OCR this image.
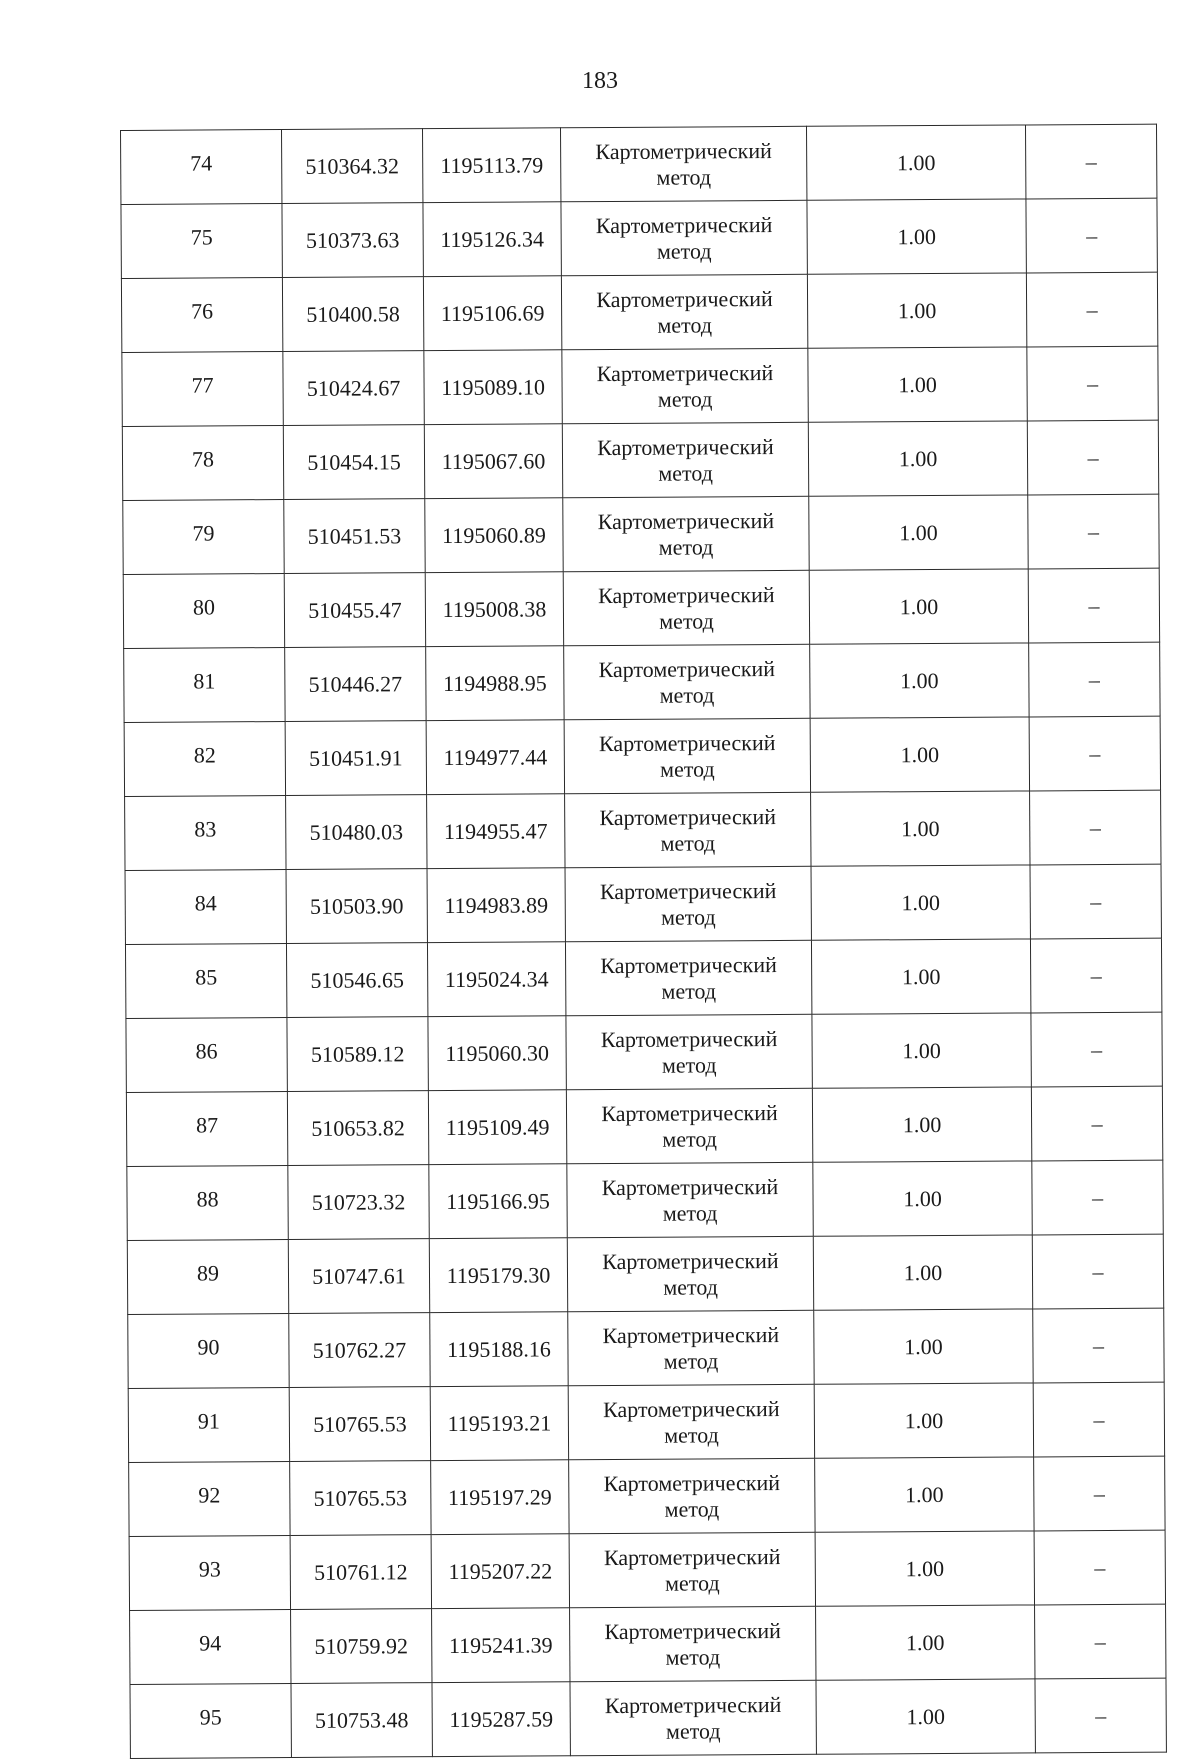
183
74	510364.32	1195113.79	Картометрический
метод	1.00	–
75	510373.63	1195126.34	Картометрический
метод	1.00	–
76	510400.58	1195106.69	Картометрический
метод	1.00	–
77	510424.67	1195089.10	Картометрический
метод	1.00	–
78	510454.15	1195067.60	Картометрический
метод	1.00	–
79	510451.53	1195060.89	Картометрический
метод	1.00	–
80	510455.47	1195008.38	Картометрический
метод	1.00	–
81	510446.27	1194988.95	Картометрический
метод	1.00	–
82	510451.91	1194977.44	Картометрический
метод	1.00	–
83	510480.03	1194955.47	Картометрический
метод	1.00	–
84	510503.90	1194983.89	Картометрический
метод	1.00	–
85	510546.65	1195024.34	Картометрический
метод	1.00	–
86	510589.12	1195060.30	Картометрический
метод	1.00	–
87	510653.82	1195109.49	Картометрический
метод	1.00	–
88	510723.32	1195166.95	Картометрический
метод	1.00	–
89	510747.61	1195179.30	Картометрический
метод	1.00	–
90	510762.27	1195188.16	Картометрический
метод	1.00	–
91	510765.53	1195193.21	Картометрический
метод	1.00	–
92	510765.53	1195197.29	Картометрический
метод	1.00	–
93	510761.12	1195207.22	Картометрический
метод	1.00	–
94	510759.92	1195241.39	Картометрический
метод	1.00	–
95	510753.48	1195287.59	Картометрический
метод	1.00	–
